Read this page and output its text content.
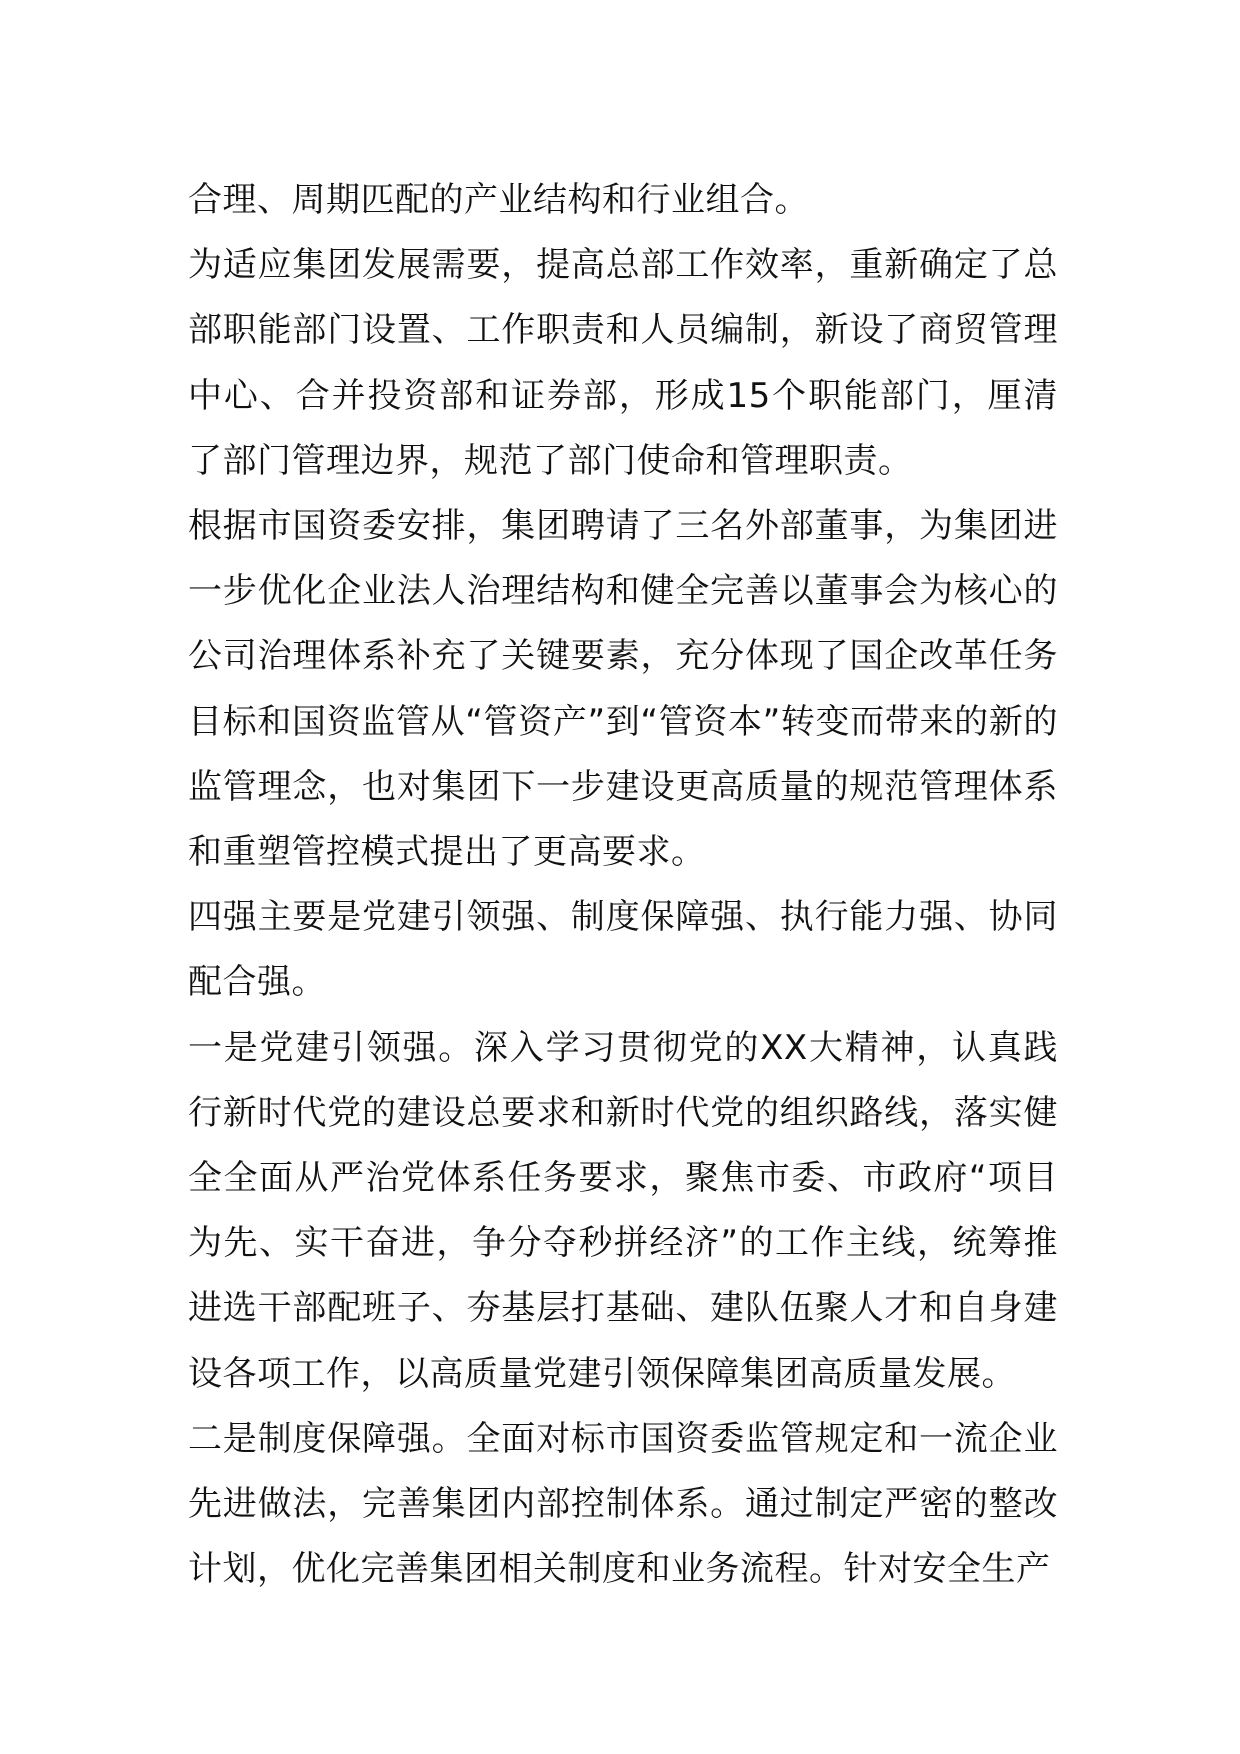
合理、周期匹配的产业结构和行业组合。

为适应集团发展需要，提高总部工作效率，重新确定了总部职能部门设置、工作职责和人员编制，新设了商贸管理中心、合并投资部和证券部，形成15个职能部门，厘清了部门管理边界，规范了部门使命和管理职责。

根据市国资委安排，集团聘请了三名外部董事，为集团进一步优化企业法人治理结构和健全完善以董事会为核心的公司治理体系补充了关键要素，充分体现了国企改革任务目标和国资监管从“管资产”到“管资本”转变而带来的新的监管理念，也对集团下一步建设更高质量的规范管理体系和重塑管控模式提出了更高要求。

四强主要是党建引领强、制度保障强、执行能力强、协同配合强。

一是党建引领强。深入学习贯彻党的XX大精神，认真践行新时代党的建设总要求和新时代党的组织路线，落实健全全面从严治党体系任务要求，聚焦市委、市政府“项目为先、实干奋进，争分夺秒拼经济”的工作主线，统筹推进选干部配班子、夯基层打基础、建队伍聚人才和自身建设各项工作，以高质量党建引领保障集团高质量发展。

二是制度保障强。全面对标市国资委监管规定和一流企业先进做法，完善集团内部控制体系。通过制定严密的整改计划，优化完善集团相关制度和业务流程。针对安全生产
